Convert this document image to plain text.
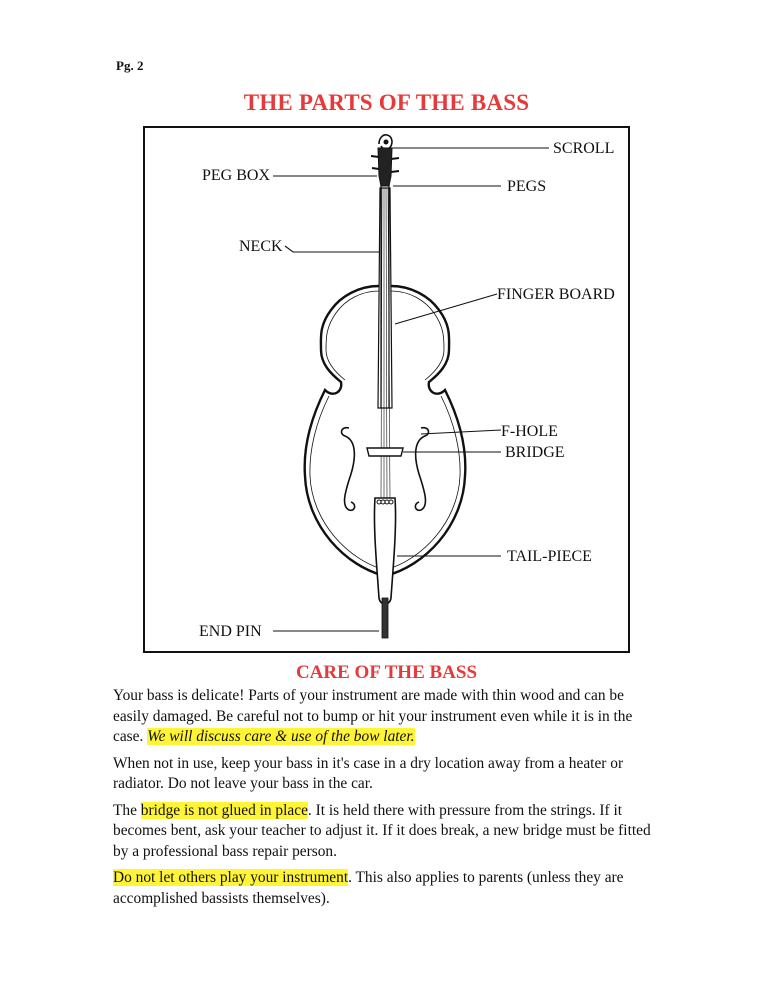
Pg. 2
THE PARTS OF THE BASS
SCROLL
PEG BOX
PEGS
NECK
FINGER BOARD
F-HOLE
BRIDGE
TAIL-PIECE
END PIN
CARE OF THE BASS

Your bass is delicate! Parts of your instrument are made with thin wood and can be easily damaged. Be careful not to bump or hit your instrument even while it is in the case. We will discuss care & use of the bow later.

When not in use, keep your bass in it's case in a dry location away from a heater or radiator. Do not leave your bass in the car.

The bridge is not glued in place. It is held there with pressure from the strings. If it becomes bent, ask your teacher to adjust it. If it does break, a new bridge must be fitted by a professional bass repair person.

Do not let others play your instrument. This also applies to parents (unless they are accomplished bassists themselves).
